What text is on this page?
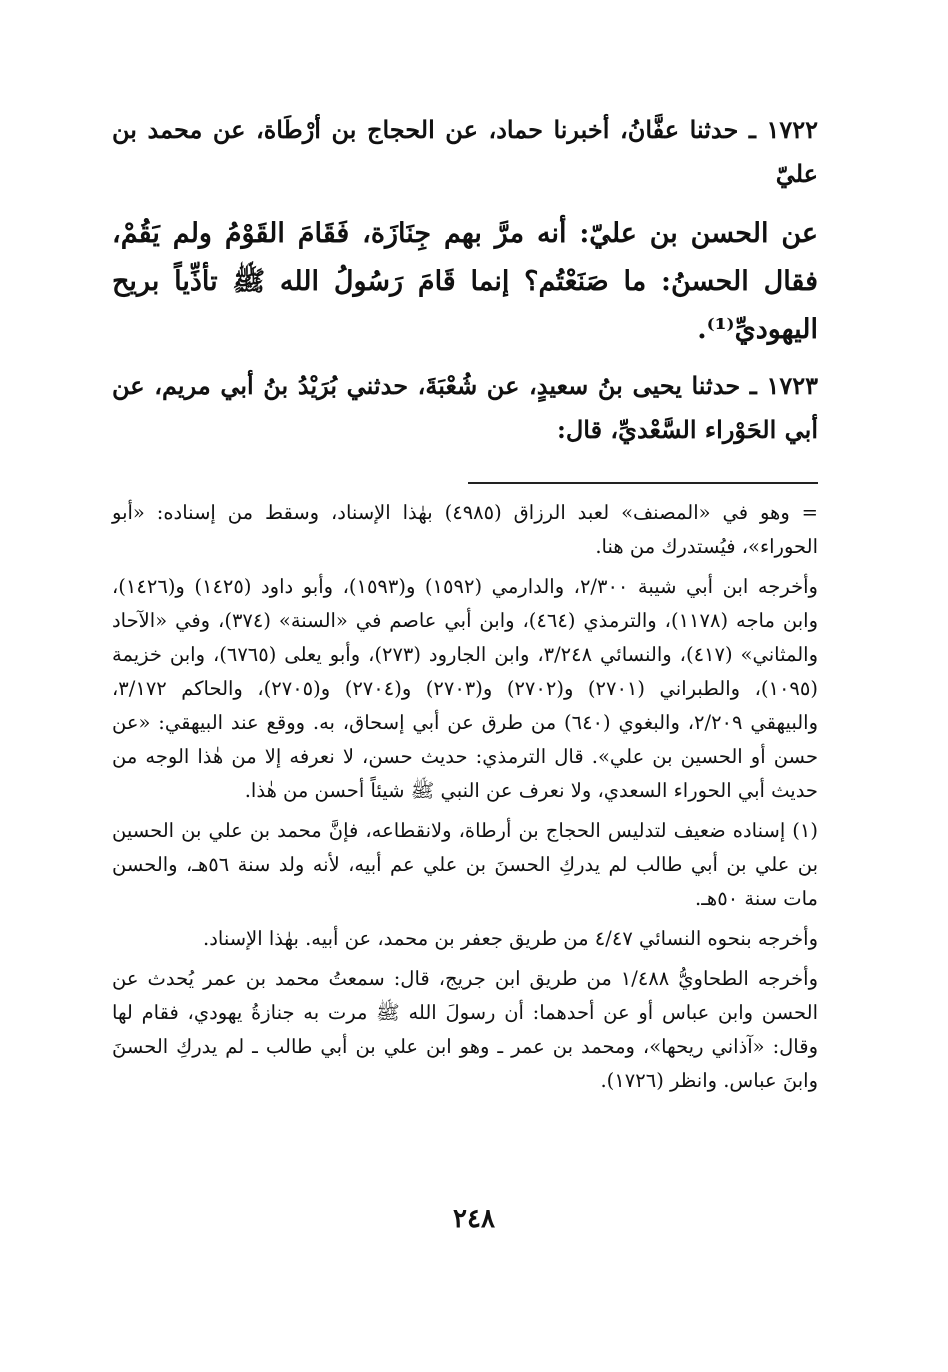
١٧٢٢ ـ حدثنا عفَّانُ، أخبرنا حماد، عن الحجاج بن أرْطَاة، عن محمد بن عليّ

عن الحسن بن عليّ: أنه مرَّ بهم جِنَازَة، فَقَامَ القَوْمُ ولم يَقُمْ، فقال الحسنُ: ما صَنَعْتُم؟ إنما قَامَ رَسُولُ الله ﷺ تأذِّياً بريح اليهوديِّ⁽¹⁾.

١٧٢٣ ـ حدثنا يحيى بنُ سعيدٍ، عن شُعْبَةَ، حدثني بُرَيْدُ بنُ أبي مريم، عن أبي الحَوْراء السَّعْديِّ، قال:

= وهو في «المصنف» لعبد الرزاق (٤٩٨٥) بهٰذا الإسناد، وسقط من إسناده: «أبو الحوراء»، فيُستدرك من هنا.

وأخرجه ابن أبي شيبة ٢/٣٠٠، والدارمي (١٥٩٢) و(١٥٩٣)، وأبو داود (١٤٢٥) و(١٤٢٦)، وابن ماجه (١١٧٨)، والترمذي (٤٦٤)، وابن أبي عاصم في «السنة» (٣٧٤)، وفي «الآحاد والمثاني» (٤١٧)، والنسائي ٣/٢٤٨، وابن الجارود (٢٧٣)، وأبو يعلى (٦٧٦٥)، وابن خزيمة (١٠٩٥)، والطبراني (٢٧٠١) و(٢٧٠٢) و(٢٧٠٣) و(٢٧٠٤) و(٢٧٠٥)، والحاكم ٣/١٧٢، والبيهقي ٢/٢٠٩، والبغوي (٦٤٠) من طرق عن أبي إسحاق، به. ووقع عند البيهقي: «عن حسن أو الحسين بن علي». قال الترمذي: حديث حسن، لا نعرفه إلا من هٰذا الوجه من حديث أبي الحوراء السعدي، ولا نعرف عن النبي ﷺ شيئاً أحسن من هٰذا.

(١) إسناده ضعيف لتدليس الحجاج بن أرطاة، ولانقطاعه، فإنَّ محمد بن علي بن الحسين بن علي بن أبي طالب لم يدركِ الحسنَ بن علي عم أبيه، لأنه ولد سنة ٥٦هـ، والحسن مات سنة ٥٠هـ.

وأخرجه بنحوه النسائي ٤/٤٧ من طريق جعفر بن محمد، عن أبيه. بهٰذا الإسناد.

وأخرجه الطحاويُّ ١/٤٨٨ من طريق ابن جريج، قال: سمعتُ محمد بن عمر يُحدث عن الحسن وابن عباس أو عن أحدهما: أن رسولَ الله ﷺ مرت به جنازةُ يهودي، فقام لها وقال: «آذاني ريحها»، ومحمد بن عمر ـ وهو ابن علي بن أبي طالب ـ لم يدركِ الحسنَ وابنَ عباس. وانظر (١٧٢٦).

٢٤٨
